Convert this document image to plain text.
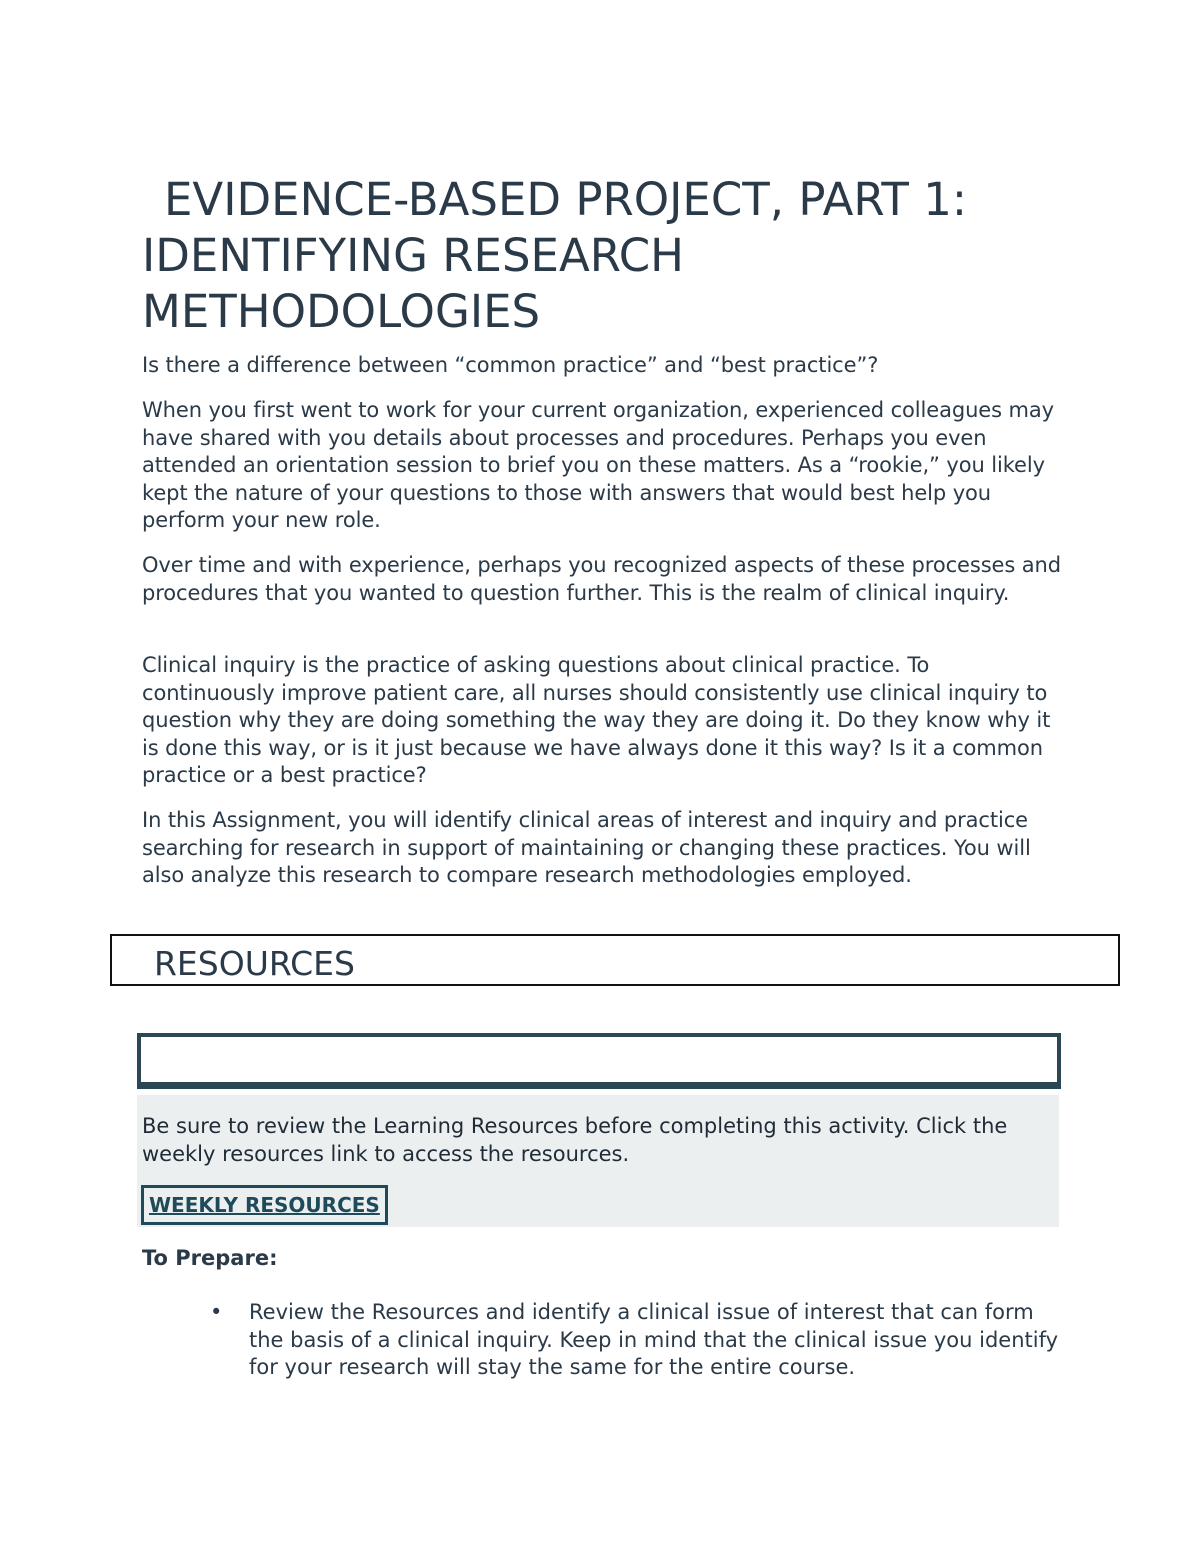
EVIDENCE-BASED PROJECT, PART 1:
IDENTIFYING RESEARCH
METHODOLOGIES

Is there a difference between “common practice” and “best practice”?

When you first went to work for your current organization, experienced colleagues may have shared with you details about processes and procedures. Perhaps you even attended an orientation session to brief you on these matters. As a “rookie,” you likely kept the nature of your questions to those with answers that would best help you perform your new role.

Over time and with experience, perhaps you recognized aspects of these processes and procedures that you wanted to question further. This is the realm of clinical inquiry.

Clinical inquiry is the practice of asking questions about clinical practice. To continuously improve patient care, all nurses should consistently use clinical inquiry to question why they are doing something the way they are doing it. Do they know why it is done this way, or is it just because we have always done it this way? Is it a common practice or a best practice?

In this Assignment, you will identify clinical areas of interest and inquiry and practice searching for research in support of maintaining or changing these practices. You will also analyze this research to compare research methodologies employed.

RESOURCES

Be sure to review the Learning Resources before completing this activity. Click the weekly resources link to access the resources.

WEEKLY RESOURCES

To Prepare:

• Review the Resources and identify a clinical issue of interest that can form the basis of a clinical inquiry. Keep in mind that the clinical issue you identify for your research will stay the same for the entire course.
